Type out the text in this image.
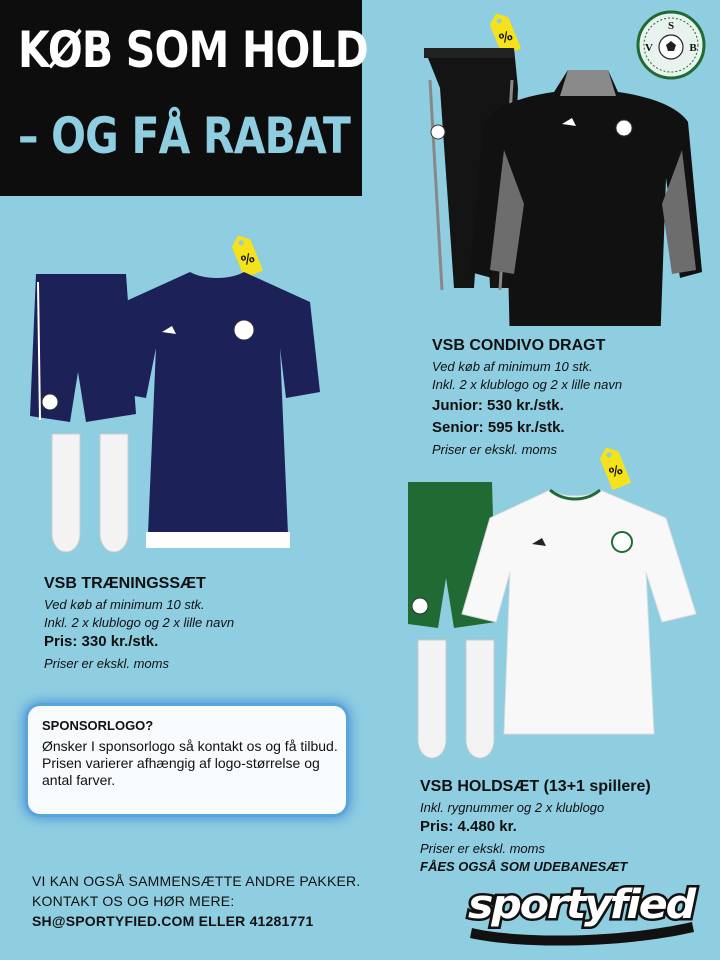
KØB SOM HOLD
– OG FÅ RABAT
S
V	B
%
%
%
VSB CONDIVO DRAGT
Ved køb af minimum 10 stk.
Inkl. 2 x klublogo og 2 x lille navn
Junior: 530 kr./stk.
Senior: 595 kr./stk.
Priser er ekskl. moms
VSB TRÆNINGSSÆT
Ved køb af minimum 10 stk.
Inkl. 2 x klublogo og 2 x lille navn
Pris: 330 kr./stk.
Priser er ekskl. moms
VSB HOLDSÆT (13+1 spillere)
Inkl. rygnummer og 2 x klublogo
Pris: 4.480 kr.
Priser er ekskl. moms
FÅES OGSÅ SOM UDEBANESÆT
SPONSORLOGO?
Ønsker I sponsorlogo så kontakt os og få tilbud. Prisen varierer afhængig af logo-størrelse og antal farver.
VI KAN OGSÅ SAMMENSÆTTE ANDRE PAKKER.
KONTAKT OS OG HØR MERE:
SH@SPORTYFIED.COM ELLER 41281771	sportyfied
